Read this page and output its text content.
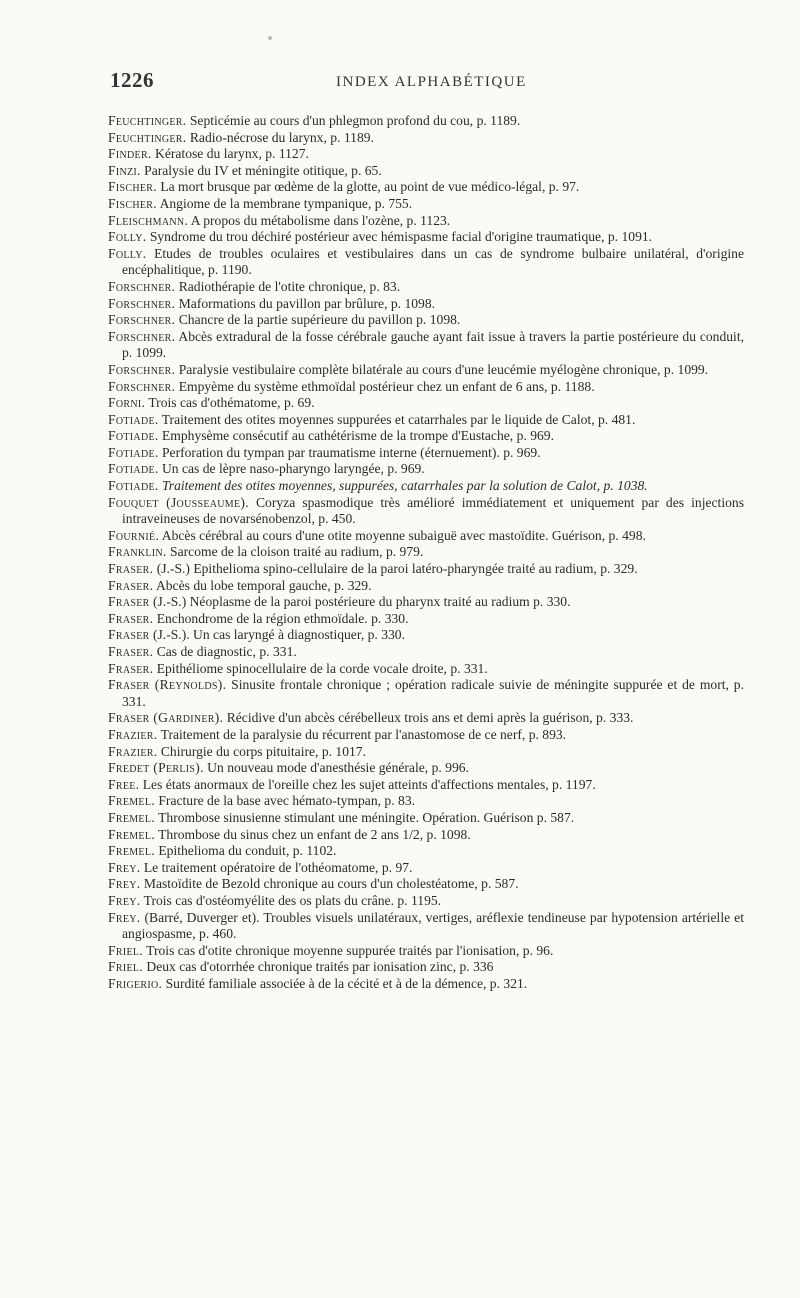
1226	INDEX ALPHABÉTIQUE

Feuchtinger. Septicémie au cours d'un phlegmon profond du cou, p. 1189.

Feuchtinger. Radio-nécrose du larynx, p. 1189.

Finder. Kératose du larynx, p. 1127.

Finzi. Paralysie du IV et méningite otitique, p. 65.

Fischer. La mort brusque par œdème de la glotte, au point de vue médico-légal, p. 97.

Fischer. Angiome de la membrane tympanique, p. 755.

Fleischmann. A propos du métabolisme dans l'ozène, p. 1123.

Folly. Syndrome du trou déchiré postérieur avec hémispasme facial d'origine traumatique, p. 1091.

Folly. Etudes de troubles oculaires et vestibulaires dans un cas de syndrome bulbaire unilatéral, d'origine encéphalitique, p. 1190.

Forschner. Radiothérapie de l'otite chronique, p. 83.

Forschner. Maformations du pavillon par brûlure, p. 1098.

Forschner. Chancre de la partie supérieure du pavillon p. 1098.

Forschner. Abcès extradural de la fosse cérébrale gauche ayant fait issue à travers la partie postérieure du conduit, p. 1099.

Forschner. Paralysie vestibulaire complète bilatérale au cours d'une leucémie myélogène chronique, p. 1099.

Forschner. Empyème du système ethmoïdal postérieur chez un enfant de 6 ans, p. 1188.

Forni. Trois cas d'othématome, p. 69.

Fotiade. Traitement des otites moyennes suppurées et catarrhales par le liquide de Calot, p. 481.

Fotiade. Emphysème consécutif au cathétérisme de la trompe d'Eustache, p. 969.

Fotiade. Perforation du tympan par traumatisme interne (éternuement). p. 969.

Fotiade. Un cas de lèpre naso-pharyngo laryngée, p. 969.

Fotiade. Traitement des otites moyennes, suppurées, catarrhales par la solution de Calot, p. 1038.

Fouquet (Jousseaume). Coryza spasmodique très amélioré immédiatement et uniquement par des injections intraveineuses de novarsénobenzol, p. 450.

Fournié. Abcès cérébral au cours d'une otite moyenne subaiguë avec mastoïdite. Guérison, p. 498.

Franklin. Sarcome de la cloison traité au radium, p. 979.

Fraser. (J.-S.) Epithelioma spino-cellulaire de la paroi latéro-pharyngée traité au radium, p. 329.

Fraser. Abcès du lobe temporal gauche, p. 329.

Fraser (J.-S.) Néoplasme de la paroi postérieure du pharynx traité au radium p. 330.

Fraser. Enchondrome de la région ethmoïdale. p. 330.

Fraser (J.-S.). Un cas laryngé à diagnostiquer, p. 330.

Fraser. Cas de diagnostic, p. 331.

Fraser. Epithéliome spinocellulaire de la corde vocale droite, p. 331.

Fraser (Reynolds). Sinusite frontale chronique ; opération radicale suivie de méningite suppurée et de mort, p. 331.

Fraser (Gardiner). Récidive d'un abcès cérébelleux trois ans et demi après la guérison, p. 333.

Frazier. Traitement de la paralysie du récurrent par l'anastomose de ce nerf, p. 893.

Frazier. Chirurgie du corps pituitaire, p. 1017.

Fredet (Perlis). Un nouveau mode d'anesthésie générale, p. 996.

Free. Les états anormaux de l'oreille chez les sujet atteints d'affections mentales, p. 1197.

Fremel. Fracture de la base avec hémato-tympan, p. 83.

Fremel. Thrombose sinusienne stimulant une méningite. Opération. Guérison p. 587.

Fremel. Thrombose du sinus chez un enfant de 2 ans 1/2, p. 1098.

Fremel. Epithelioma du conduit, p. 1102.

Frey. Le traitement opératoire de l'othéomatome, p. 97.

Frey. Mastoïdite de Bezold chronique au cours d'un cholestéatome, p. 587.

Frey. Trois cas d'ostéomyélite des os plats du crâne. p. 1195.

Frey. (Barré, Duverger et). Troubles visuels unilatéraux, vertiges, aréflexie tendineuse par hypotension artérielle et angiospasme, p. 460.

Friel. Trois cas d'otite chronique moyenne suppurée traités par l'ionisation, p. 96.

Friel. Deux cas d'otorrhée chronique traités par ionisation zinc, p. 336

Frigerio. Surdité familiale associée à de la cécité et à de la démence, p. 321.
